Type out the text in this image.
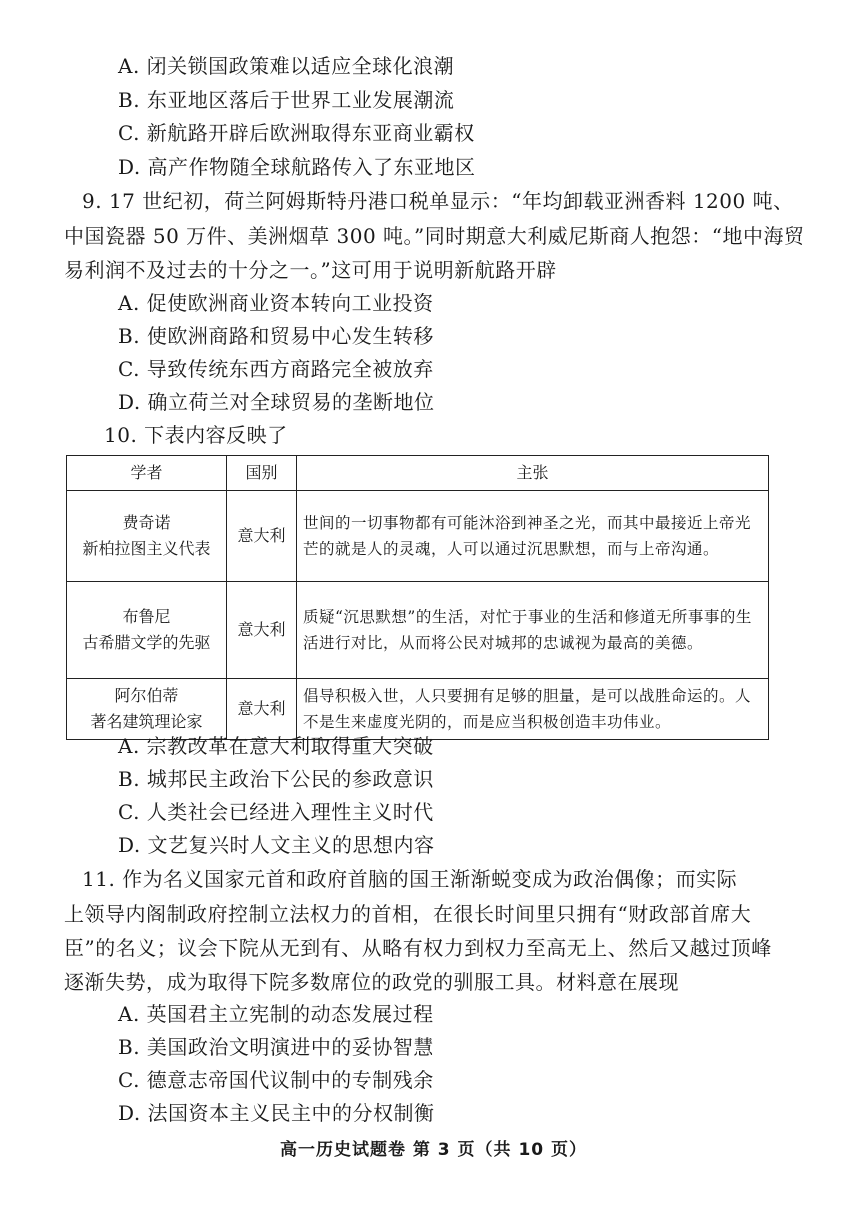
A. 闭关锁国政策难以适应全球化浪潮
B. 东亚地区落后于世界工业发展潮流
C. 新航路开辟后欧洲取得东亚商业霸权
D. 高产作物随全球航路传入了东亚地区
9. 17 世纪初，荷兰阿姆斯特丹港口税单显示：“年均卸载亚洲香料 1200 吨、
中国瓷器 50 万件、美洲烟草 300 吨。”同时期意大利威尼斯商人抱怨：“地中海贸
易利润不及过去的十分之一。”这可用于说明新航路开辟
A. 促使欧洲商业资本转向工业投资
B. 使欧洲商路和贸易中心发生转移
C. 导致传统东西方商路完全被放弃
D. 确立荷兰对全球贸易的垄断地位
10. 下表内容反映了
学者	国别	主张

费奇诺
新柏拉图主义代表	意大利	世间的一切事物都有可能沐浴到神圣之光，而其中最接近上帝光芒的就是人的灵魂，人可以通过沉思默想，而与上帝沟通。

布鲁尼
古希腊文学的先驱	意大利	质疑“沉思默想”的生活，对忙于事业的生活和修道无所事事的生活进行对比，从而将公民对城邦的忠诚视为最高的美德。

阿尔伯蒂
著名建筑理论家	意大利	倡导积极入世，人只要拥有足够的胆量，是可以战胜命运的。人不是生来虚度光阴的，而是应当积极创造丰功伟业。
A. 宗教改革在意大利取得重大突破
B. 城邦民主政治下公民的参政意识
C. 人类社会已经进入理性主义时代
D. 文艺复兴时人文主义的思想内容
11. 作为名义国家元首和政府首脑的国王渐渐蜕变成为政治偶像；而实际
上领导内阁制政府控制立法权力的首相，在很长时间里只拥有“财政部首席大
臣”的名义；议会下院从无到有、从略有权力到权力至高无上、然后又越过顶峰
逐渐失势，成为取得下院多数席位的政党的驯服工具。材料意在展现
A. 英国君主立宪制的动态发展过程
B. 美国政治文明演进中的妥协智慧
C. 德意志帝国代议制中的专制残余
D. 法国资本主义民主中的分权制衡
高一历史试题卷 第 3 页（共 10 页）
